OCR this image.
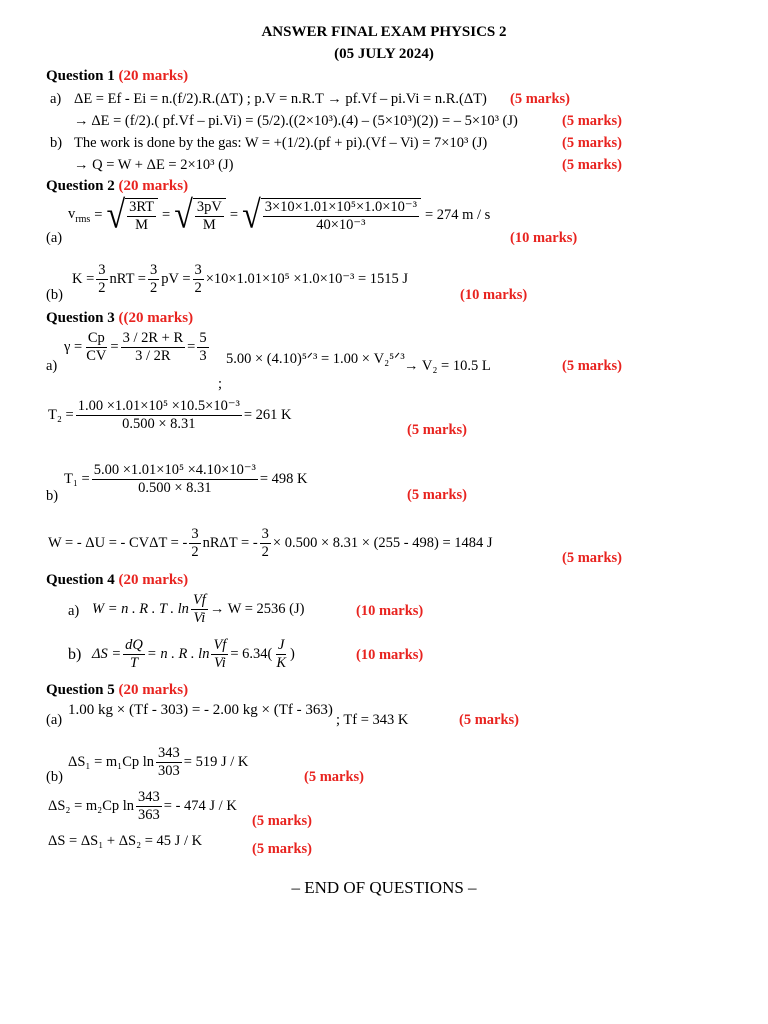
ANSWER FINAL EXAM PHYSICS 2
(05 JULY 2024)
Question 1 (20 marks)
a) ΔE = Ef - Ei = n.(f/2).R.(ΔT) ; p.V = n.R.T → pf.Vf – pi.Vi = n.R.(ΔT) (5 marks)
→ ΔE = (f/2).( pf.Vf – pi.Vi) = (5/2).((2×10³).(4) – (5×10³)(2)) = – 5×10³ (J)	(5 marks)
b) The work is done by the gas: W = +(1/2).(pf + pi).(Vf – Vi) = 7×10³ (J)	(5 marks)
→ Q = W + ΔE = 2×10³ (J)	(5 marks)
Question 2 (20 marks)
(a)
$v_{rms}$ = √ $\frac{3RT}{M}$ = √ $\frac{3pV}{M}$ = √ $\frac{\text{3×10×1.01×10⁵×1.0×10⁻³}}{\text{40×10⁻³}} = 274$ m / s
(10 marks)
(b)
$K = \frac{3}{2}$ nRT = $\frac{3}{2}$ pV = $\frac{3}{2} \times 10\times 1.01\times 10^5 \times 1.0\times 10^{-3} = 1515$ J
(10 marks)
Question 3 ((20 marks)
a)
$\gamma = \frac{Cp}{CV} = \frac{3 / 2R + R}{3 / 2R} = \frac{5}{3} 5.00$ × (4.10)⁵ᐟ³ = 1.00 × V₂⁵ᐟ³
;
→ V₂ = 10.5 L	(5 marks)
$T_2 = \frac{\text{1.00 ×1.01×10⁵ ×10.5×10⁻³}}{0.500 \times 8.31} = 261$ K
(5 marks)
b)
$T_1 = \frac{\text{5.00 ×1.01×10⁵ ×4.10×10⁻³}}{0.500 \times 8.31} = 498$ K
(5 marks)
W = - ΔU = - CVΔT = - $\frac{3}{2}$ nRΔT = - $\frac{3}{2} \times 0.500 \times 8.31 \times (255 - 498) = 1484$ J
(5 marks)
Question 4 (20 marks)
a) W = n . R . T . $\ln \frac{Vf}{Vi} \to W = 2536$ (J)	(10 marks)
b) $\Delta S = \frac{dQ}{T} = n$ . R . $\ln \frac{Vf}{Vi} = 6.34$ ( $\frac{J}{K}$ )	(10 marks)
Question 5 (20 marks)
(a)
1.00 kg × (Tf - 303) = - 2.00 kg × (Tf - 363)
; Tf = 343 K	(5 marks)
(b)
ΔS₁ = m₁Cp $\ln \frac{343}{303} = 519$ J / K
(5 marks)
ΔS₂ = m₂Cp $\ln \frac{343}{363}$ = - 474 J / K
(5 marks)
ΔS = ΔS₁ + ΔS₂ = 45 J / K	(5 marks)
– END OF QUESTIONS –
